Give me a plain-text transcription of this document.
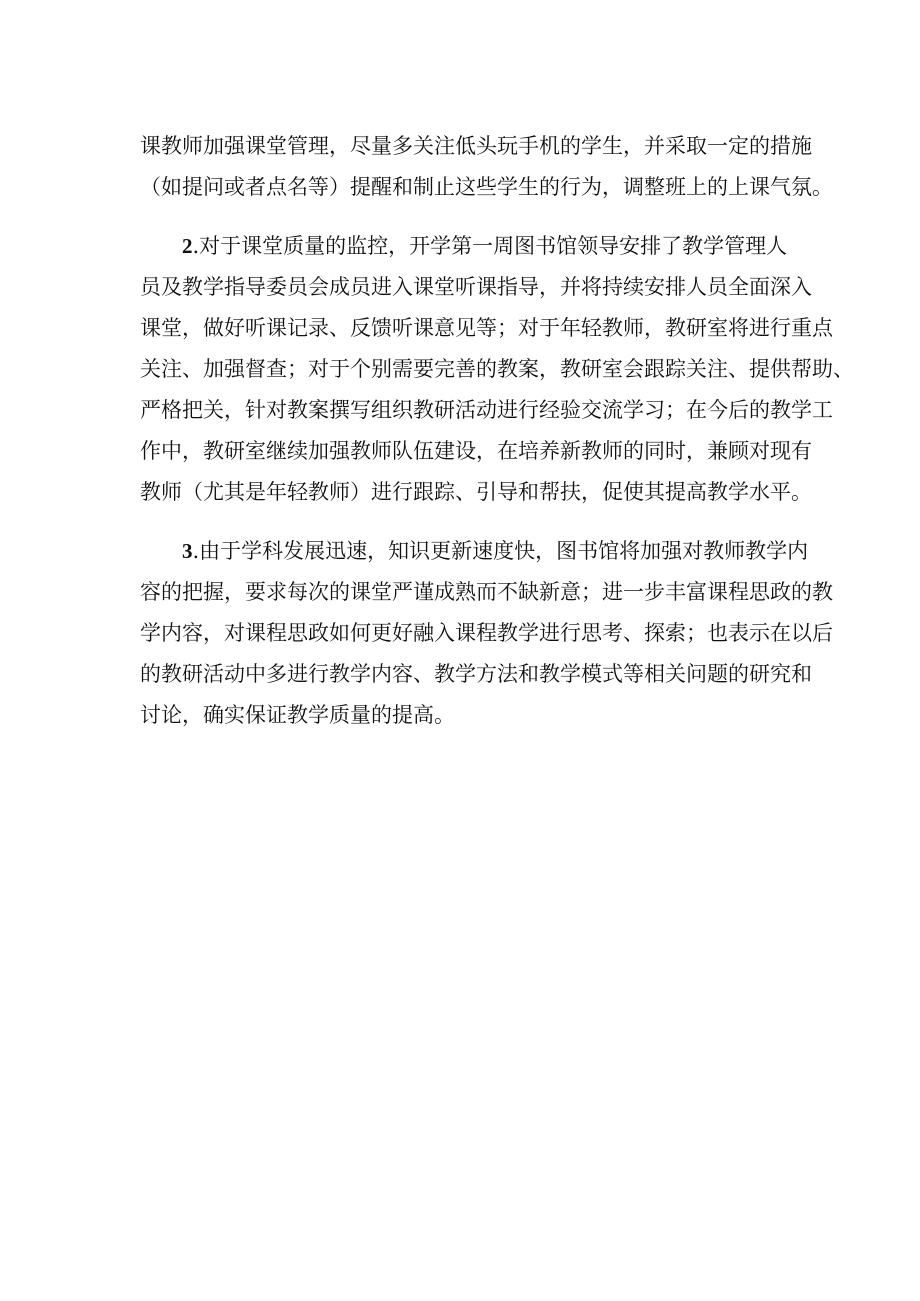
课教师加强课堂管理，尽量多关注低头玩手机的学生，并采取一定的措施
（如提问或者点名等）提醒和制止这些学生的行为，调整班上的上课气氛。
2.对于课堂质量的监控，开学第一周图书馆领导安排了教学管理人
员及教学指导委员会成员进入课堂听课指导，并将持续安排人员全面深入
课堂，做好听课记录、反馈听课意见等；对于年轻教师，教研室将进行重点
关注、加强督查；对于个别需要完善的教案，教研室会跟踪关注、提供帮助、
严格把关，针对教案撰写组织教研活动进行经验交流学习；在今后的教学工
作中，教研室继续加强教师队伍建设，在培养新教师的同时，兼顾对现有
教师（尤其是年轻教师）进行跟踪、引导和帮扶，促使其提高教学水平。
3.由于学科发展迅速，知识更新速度快，图书馆将加强对教师教学内
容的把握，要求每次的课堂严谨成熟而不缺新意；进一步丰富课程思政的教
学内容，对课程思政如何更好融入课程教学进行思考、探索；也表示在以后
的教研活动中多进行教学内容、教学方法和教学模式等相关问题的研究和
讨论，确实保证教学质量的提高。
